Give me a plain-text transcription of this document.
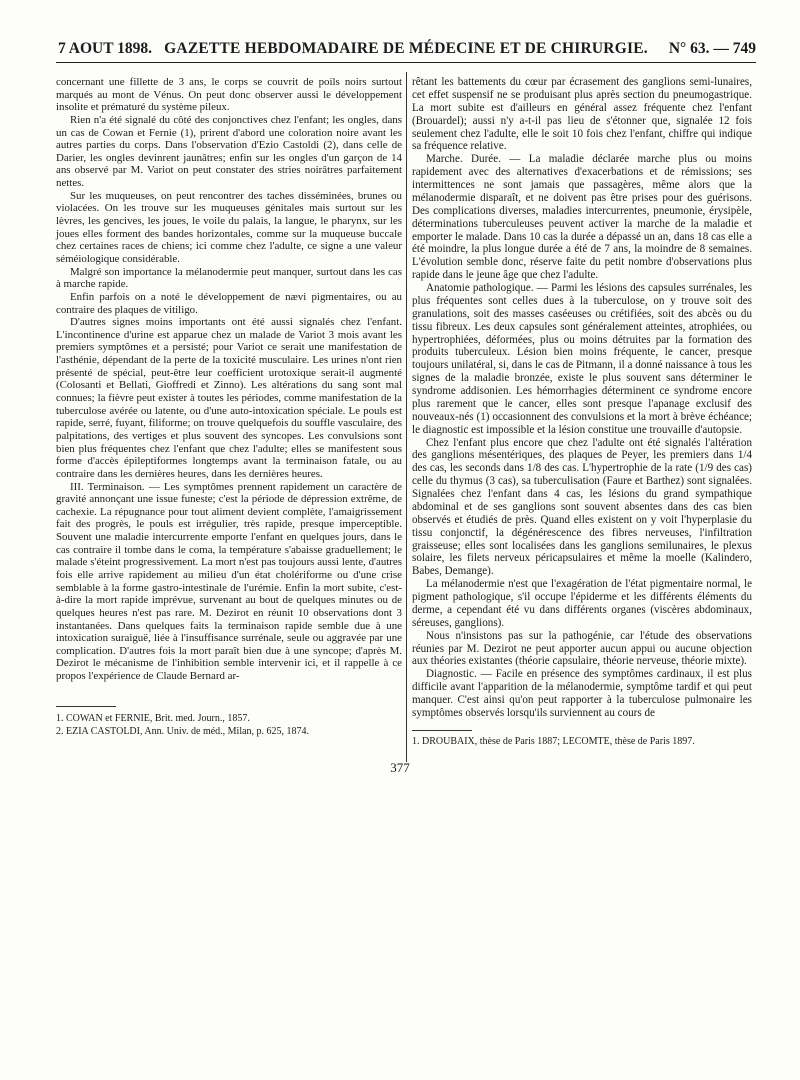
7 AOUT 1898. GAZETTE HEBDOMADAIRE DE MÉDECINE ET DE CHIRURGIE.	N° 63. — 749

concernant une fillette de 3 ans, le corps se couvrit de poils noirs surtout marqués au mont de Vénus. On peut donc observer aussi le développement insolite et prématuré du système pileux.

Rien n'a été signalé du côté des conjonctives chez l'enfant; les ongles, dans un cas de Cowan et Fernie (1), prirent d'abord une coloration noire avant les autres parties du corps. Dans l'observation d'Ezio Castoldi (2), dans celle de Darier, les ongles devinrent jaunâtres; enfin sur les ongles d'un garçon de 14 ans observé par M. Variot on peut constater des stries noirâtres parfaitement nettes.

Sur les muqueuses, on peut rencontrer des taches disséminées, brunes ou violacées. On les trouve sur les muqueuses génitales mais surtout sur les lèvres, les gencives, les joues, le voile du palais, la langue, le pharynx, sur les joues elles forment des bandes horizontales, comme sur la muqueuse buccale chez certaines races de chiens; ici comme chez l'adulte, ce signe a une valeur séméiologique considérable.

Malgré son importance la mélanodermie peut manquer, surtout dans les cas à marche rapide.

Enfin parfois on a noté le développement de nævi pigmentaires, ou au contraire des plaques de vitiligo.

D'autres signes moins importants ont été aussi signalés chez l'enfant. L'incontinence d'urine est apparue chez un malade de Variot 3 mois avant les premiers symptômes et a persisté; pour Variot ce serait une manifestation de l'asthénie, dépendant de la perte de la toxicité musculaire. Les urines n'ont rien présenté de spécial, peut-être leur coefficient urotoxique serait-il augmenté (Colosanti et Bellati, Gioffredi et Zinno). Les altérations du sang sont mal connues; la fièvre peut exister à toutes les périodes, comme manifestation de la tuberculose avérée ou latente, ou d'une auto-intoxication spéciale. Le pouls est rapide, serré, fuyant, filiforme; on trouve quelquefois du souffle vasculaire, des palpitations, des vertiges et plus souvent des syncopes. Les convulsions sont bien plus fréquentes chez l'enfant que chez l'adulte; elles se manifestent sous forme d'accès épileptiformes longtemps avant la terminaison fatale, ou au contraire dans les dernières heures, dans les dernières heures.

III. Terminaison. — Les symptômes prennent rapidement un caractère de gravité annonçant une issue funeste; c'est la période de dépression extrême, de cachexie. La répugnance pour tout aliment devient complète, l'amaigrissement fait des progrès, le pouls est irrégulier, très rapide, presque imperceptible. Souvent une maladie intercurrente emporte l'enfant en quelques jours, dans le cas contraire il tombe dans le coma, la température s'abaisse graduellement; le malade s'éteint progressivement. La mort n'est pas toujours aussi lente, d'autres fois elle arrive rapidement au milieu d'un état cholériforme ou d'une crise semblable à la forme gastro-intestinale de l'urémie. Enfin la mort subite, c'est-à-dire la mort rapide imprévue, survenant au bout de quelques minutes ou de quelques heures n'est pas rare. M. Dezirot en réunit 10 observations dont 3 instantanées. Dans quelques faits la terminaison rapide semble due à une intoxication suraiguë, liée à l'insuffisance surrénale, seule ou aggravée par une complication. D'autres fois la mort paraît bien due à une syncope; d'après M. Dezirot le mécanisme de l'inhibition semble intervenir ici, et il rappelle à ce propos l'expérience de Claude Bernard ar-

rêtant les battements du cœur par écrasement des ganglions semi-lunaires, cet effet suspensif ne se produisant plus après section du pneumogastrique. La mort subite est d'ailleurs en général assez fréquente chez l'enfant (Brouardel); aussi n'y a-t-il pas lieu de s'étonner que, signalée 12 fois seulement chez l'adulte, elle le soit 10 fois chez l'enfant, chiffre qui indique sa fréquence relative.

Marche. Durée. — La maladie déclarée marche plus ou moins rapidement avec des alternatives d'exacerbations et de rémissions; ses intermittences ne sont jamais que passagères, même alors que la mélanodermie disparaît, et ne doivent pas être prises pour des guérisons. Des complications diverses, maladies intercurrentes, pneumonie, érysipèle, déterminations tuberculeuses peuvent activer la marche de la maladie et emporter le malade. Dans 10 cas la durée a dépassé un an, dans 18 cas elle a été moindre, la plus longue durée a été de 7 ans, la moindre de 8 semaines. L'évolution semble donc, réserve faite du petit nombre d'observations plus rapide dans le jeune âge que chez l'adulte.

Anatomie pathologique. — Parmi les lésions des capsules surrénales, les plus fréquentes sont celles dues à la tuberculose, on y trouve soit des granulations, soit des masses caséeuses ou crétifiées, soit des abcès ou du tissu fibreux. Les deux capsules sont généralement atteintes, atrophiées, ou hypertrophiées, déformées, plus ou moins détruites par la formation des produits tuberculeux. Lésion bien moins fréquente, le cancer, presque toujours unilatéral, si, dans le cas de Pitmann, il a donné naissance à tous les signes de la maladie bronzée, existe le plus souvent sans déterminer le syndrome addisonien. Les hémorrhagies déterminent ce syndrome encore plus rarement que le cancer, elles sont presque l'apanage exclusif des nouveaux-nés (1) occasionnent des convulsions et la mort à brève échéance; le diagnostic est impossible et la lésion constitue une trouvaille d'autopsie.

Chez l'enfant plus encore que chez l'adulte ont été signalés l'altération des ganglions mésentériques, des plaques de Peyer, les premiers dans 1/4 des cas, les seconds dans 1/8 des cas. L'hypertrophie de la rate (1/9 des cas) celle du thymus (3 cas), sa tuberculisation (Faure et Barthez) sont signalées. Signalées chez l'enfant dans 4 cas, les lésions du grand sympathique abdominal et de ses ganglions sont souvent absentes dans des cas bien observés et étudiés de près. Quand elles existent on y voit l'hyperplasie du tissu conjonctif, la dégénérescence des fibres nerveuses, l'infiltration graisseuse; elles sont localisées dans les ganglions semilunaires, le plexus solaire, les filets nerveux péricapsulaires et même la moelle (Kalindero, Babes, Demange).

La mélanodermie n'est que l'exagération de l'état pigmentaire normal, le pigment pathologique, s'il occupe l'épiderme et les différents éléments du derme, a cependant été vu dans différents organes (viscères abdominaux, séreuses, ganglions).

Nous n'insistons pas sur la pathogénie, car l'étude des observations réunies par M. Dezirot ne peut apporter aucun appui ou aucune objection aux théories existantes (théorie capsulaire, théorie nerveuse, théorie mixte).

Diagnostic. — Facile en présence des symptômes cardinaux, il est plus difficile avant l'apparition de la mélanodermie, symptôme tardif et qui peut manquer. C'est ainsi qu'on peut rapporter à la tuberculose pulmonaire les symptômes observés lorsqu'ils surviennent au cours de

1. COWAN et FERNIE, Brit. med. Journ., 1857.

2. EZIA CASTOLDI, Ann. Univ. de méd., Milan, p. 625, 1874.

1. DROUBAIX, thèse de Paris 1887; LECOMTE, thèse de Paris 1897.

377
